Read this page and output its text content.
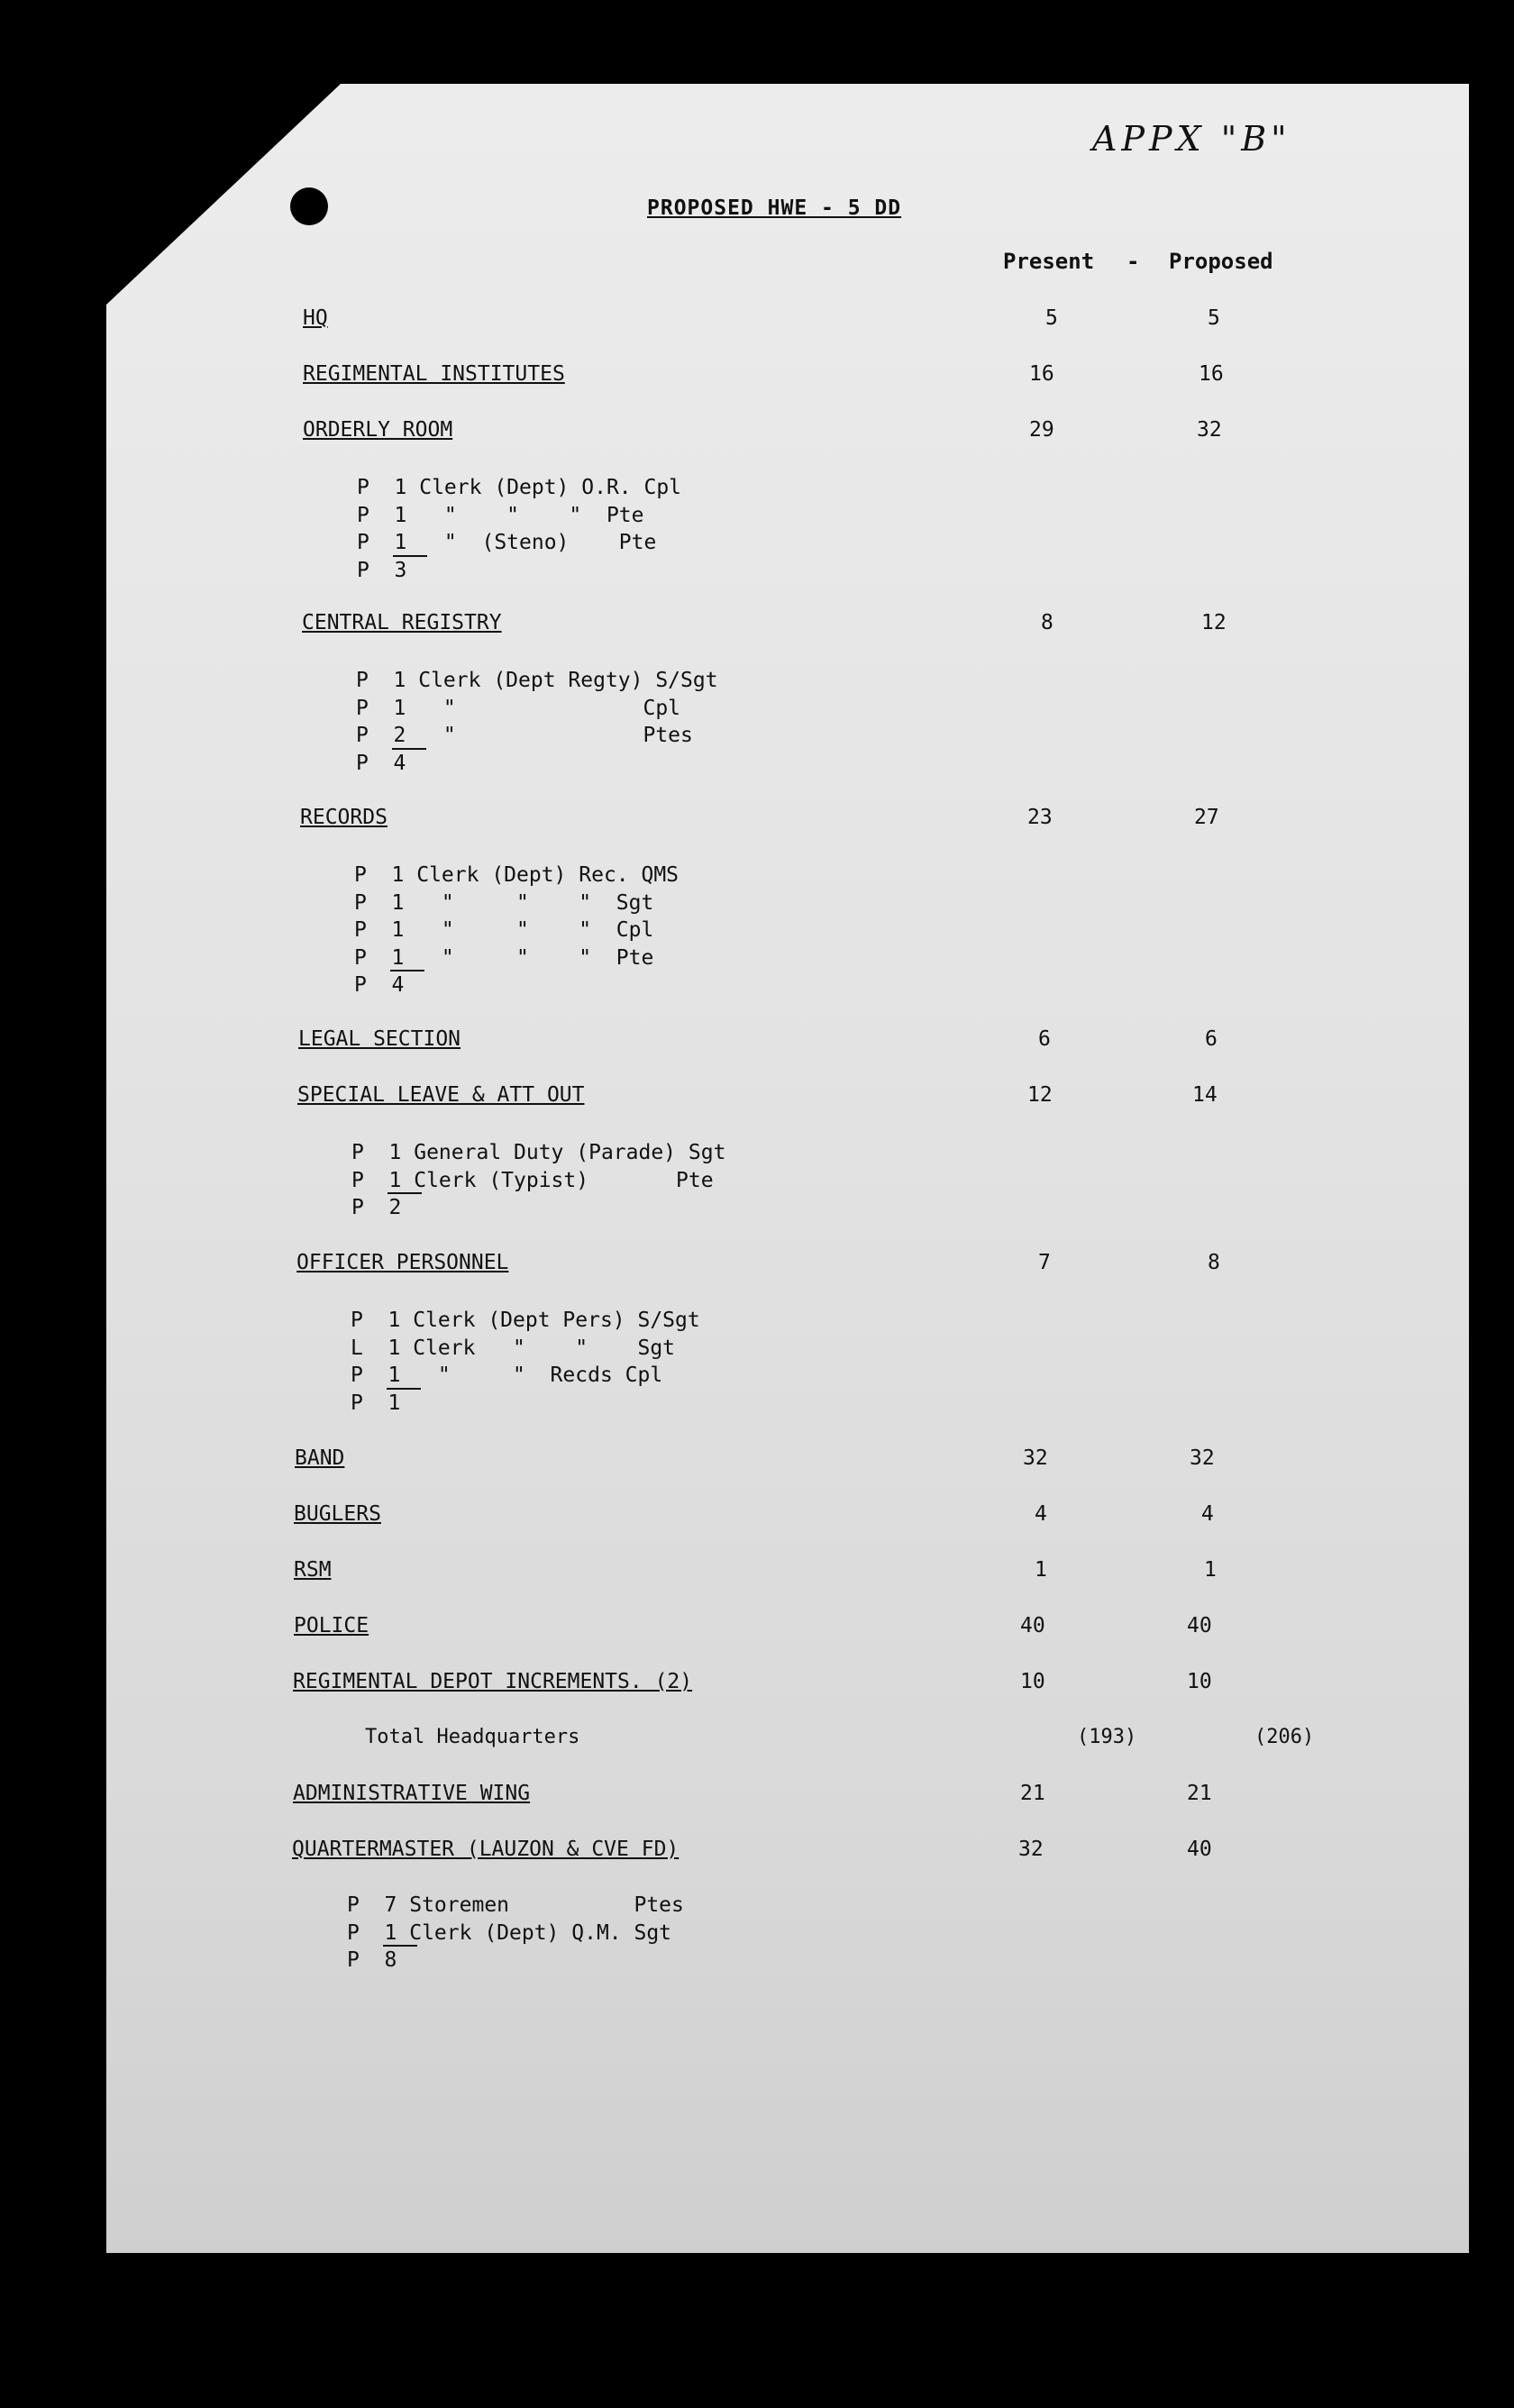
APPX "B"
PROPOSED HWE - 5 DD
Present - Proposed
HQ	5	5
REGIMENTAL INSTITUTES	16	16
ORDERLY ROOM	29	32
P  1 Clerk (Dept) O.R. Cpl
P  1   "    "    "  Pte
P  1   "  (Steno)    Pte
P  3
CENTRAL REGISTRY	8	12
P  1 Clerk (Dept Regty) S/Sgt
P  1   "               Cpl
P  2   "               Ptes
P  4
RECORDS	23	27
P  1 Clerk (Dept) Rec. QMS
P  1   "     "    "  Sgt
P  1   "     "    "  Cpl
P  1   "     "    "  Pte
P  4
LEGAL SECTION	6	6
SPECIAL LEAVE & ATT OUT	12	14
P  1 General Duty (Parade) Sgt
P  1 Clerk (Typist)       Pte
P  2
OFFICER PERSONNEL	7	8
P  1 Clerk (Dept Pers) S/Sgt
L  1 Clerk   "    "    Sgt
P  1   "     "  Recds Cpl
P  1
BAND	32	32
BUGLERS	4	4
RSM	1	1
POLICE	40	40
REGIMENTAL DEPOT INCREMENTS. (2)	10	10
Total Headquarters	(193)	(206)
ADMINISTRATIVE WING	21	21
QUARTERMASTER (LAUZON & CVE FD)	32	40
P  7 Storemen          Ptes
P  1 Clerk (Dept) Q.M. Sgt
P  8
